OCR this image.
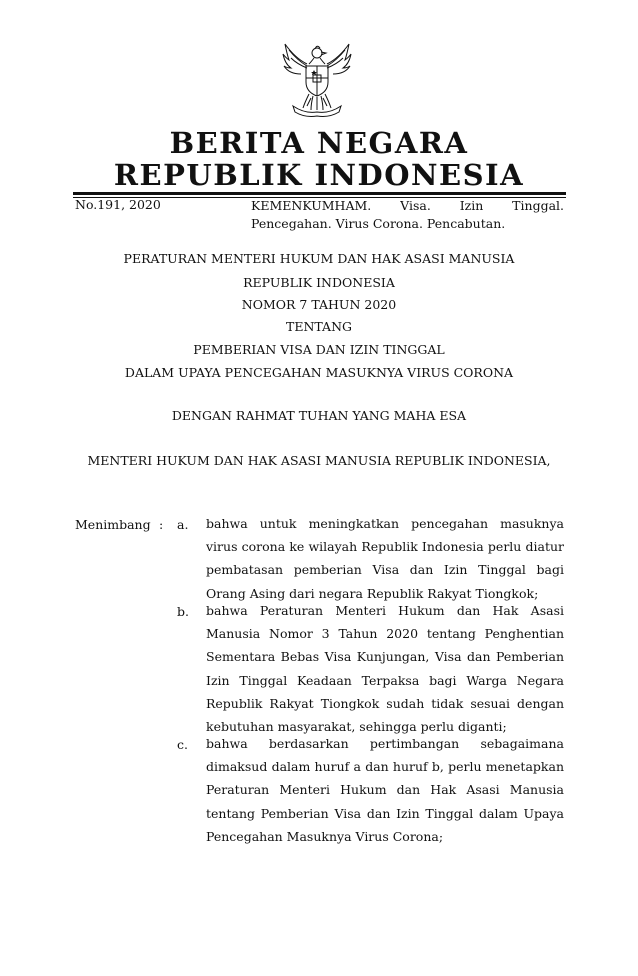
BERITA NEGARA
REPUBLIK INDONESIA
No.191, 2020	KEMENKUMHAM. Visa. Izin Tinggal. Pencegahan. Virus Corona. Pencabutan.
PERATURAN MENTERI HUKUM DAN HAK ASASI MANUSIA
REPUBLIK INDONESIA
NOMOR 7 TAHUN 2020
TENTANG
PEMBERIAN VISA DAN IZIN TINGGAL
DALAM UPAYA PENCEGAHAN MASUKNYA VIRUS CORONA
DENGAN RAHMAT TUHAN YANG MAHA ESA
MENTERI HUKUM DAN HAK ASASI MANUSIA REPUBLIK INDONESIA,
Menimbang : a. bahwa untuk meningkatkan pencegahan masuknya virus corona ke wilayah Republik Indonesia perlu diatur pembatasan pemberian Visa dan Izin Tinggal bagi Orang Asing dari negara Republik Rakyat Tiongkok;
b. bahwa Peraturan Menteri Hukum dan Hak Asasi Manusia Nomor 3 Tahun 2020 tentang Penghentian Sementara Bebas Visa Kunjungan, Visa dan Pemberian Izin Tinggal Keadaan Terpaksa bagi Warga Negara Republik Rakyat Tiongkok sudah tidak sesuai dengan kebutuhan masyarakat, sehingga perlu diganti;
c. bahwa berdasarkan pertimbangan sebagaimana dimaksud dalam huruf a dan huruf b, perlu menetapkan Peraturan Menteri Hukum dan Hak Asasi Manusia tentang Pemberian Visa dan Izin Tinggal dalam Upaya Pencegahan Masuknya Virus Corona;
